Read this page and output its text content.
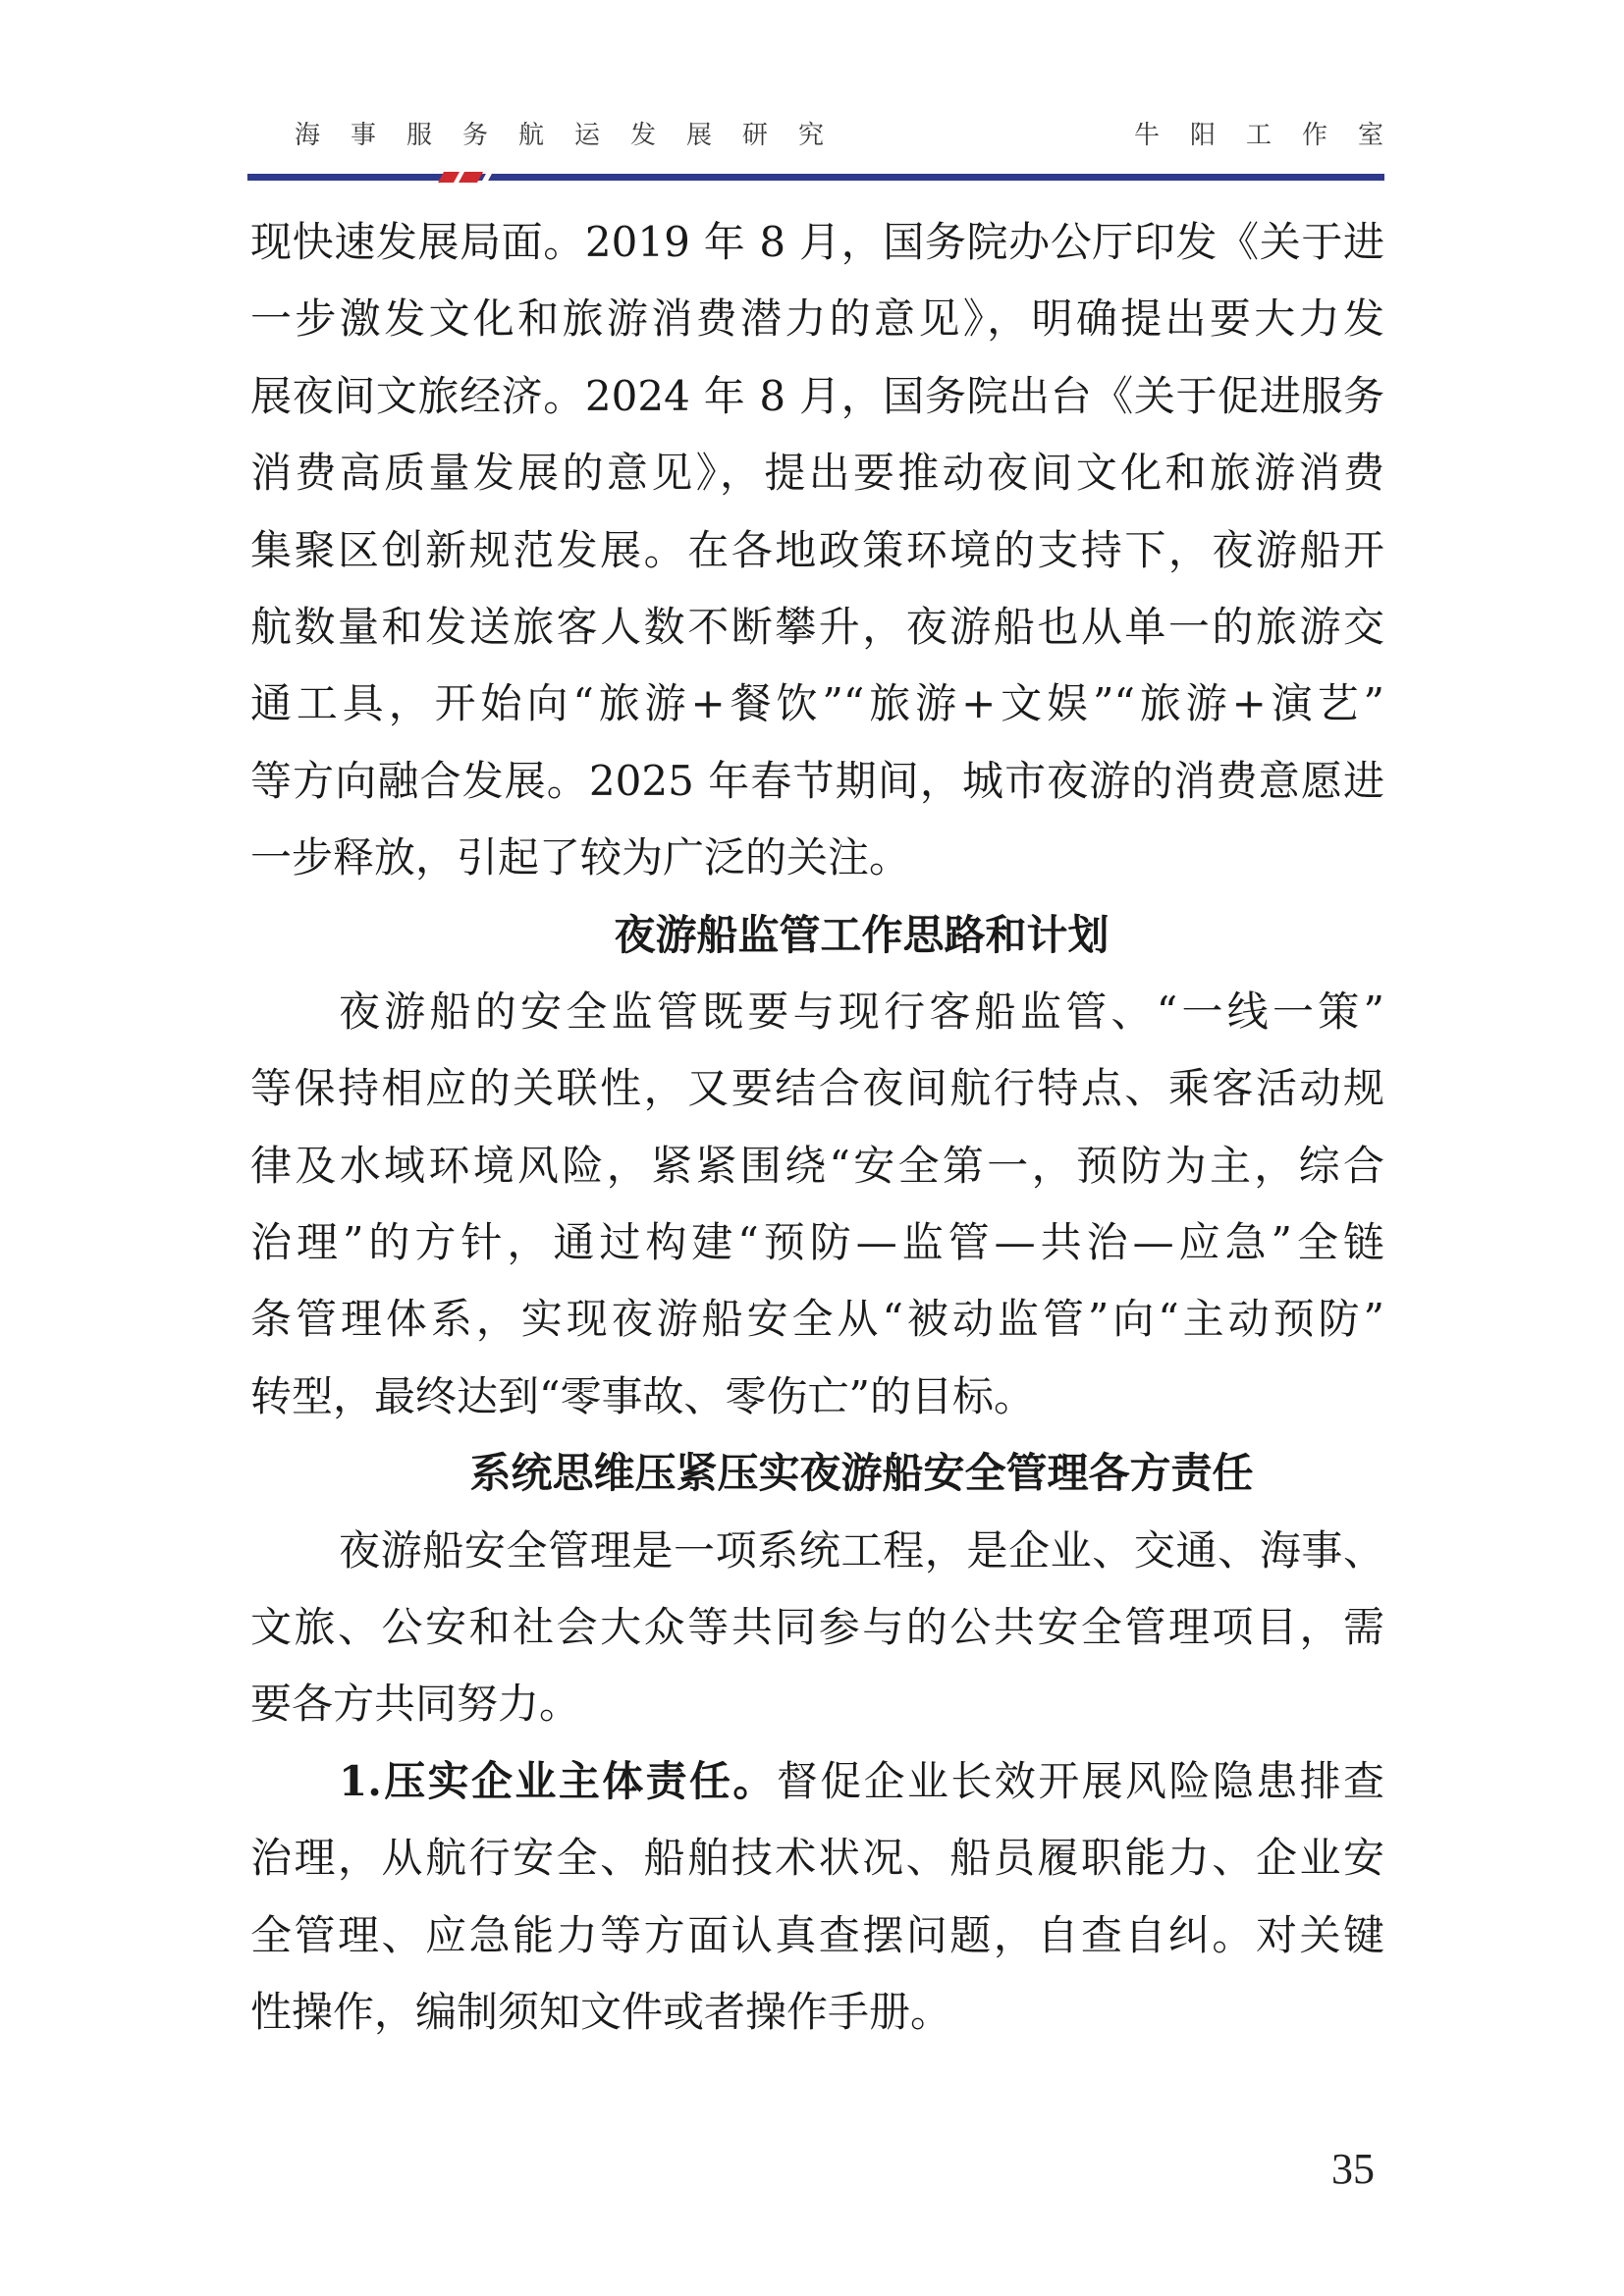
海事服务航运发展研究	牛阳工作室
现快速发展局面。2019 年 8 月，国务院办公厅印发《关于进
一步激发文化和旅游消费潜力的意见》，明确提出要大力发
展夜间文旅经济。2024 年 8 月，国务院出台《关于促进服务
消费高质量发展的意见》，提出要推动夜间文化和旅游消费
集聚区创新规范发展。在各地政策环境的支持下，夜游船开
航数量和发送旅客人数不断攀升，夜游船也从单一的旅游交
通工具，开始向“旅游+餐饮”“旅游+文娱”“旅游+演艺”
等方向融合发展。2025 年春节期间，城市夜游的消费意愿进
一步释放，引起了较为广泛的关注。
夜游船监管工作思路和计划
夜游船的安全监管既要与现行客船监管、“一线一策”
等保持相应的关联性，又要结合夜间航行特点、乘客活动规
律及水域环境风险，紧紧围绕“安全第一，预防为主，综合
治理”的方针，通过构建“预防—监管—共治—应急”全链
条管理体系，实现夜游船安全从“被动监管”向“主动预防”
转型，最终达到“零事故、零伤亡”的目标。
系统思维压紧压实夜游船安全管理各方责任
夜游船安全管理是一项系统工程，是企业、交通、海事、
文旅、公安和社会大众等共同参与的公共安全管理项目，需
要各方共同努力。
1.压实企业主体责任。督促企业长效开展风险隐患排查
治理，从航行安全、船舶技术状况、船员履职能力、企业安
全管理、应急能力等方面认真查摆问题，自查自纠。对关键
性操作，编制须知文件或者操作手册。
35
